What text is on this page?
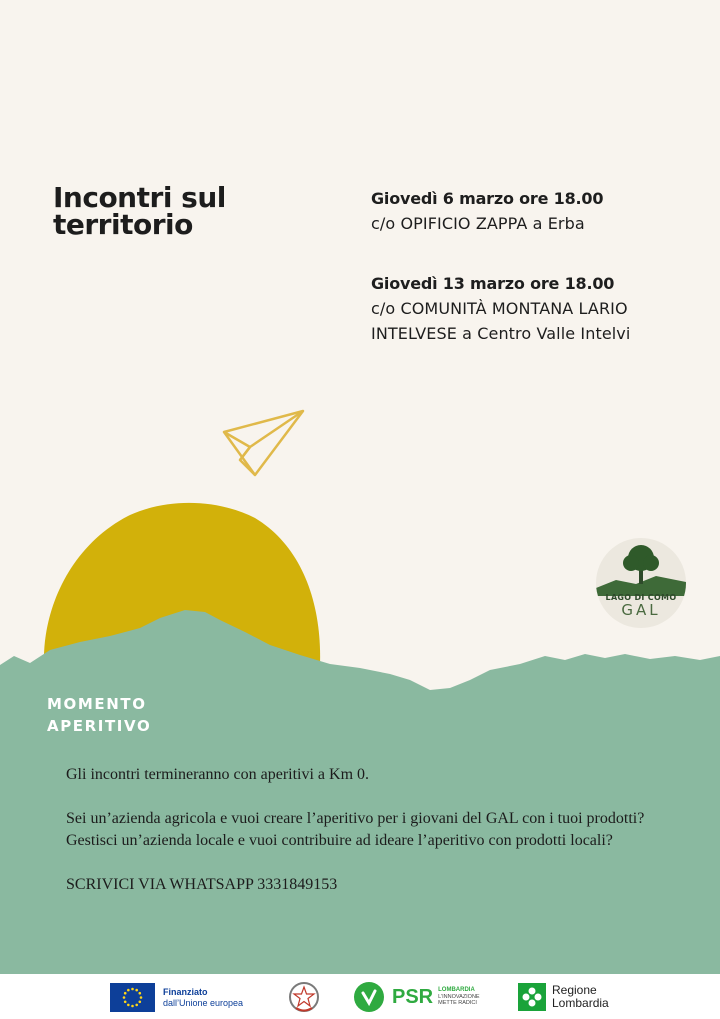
Incontri sul territorio
Giovedì 6 marzo ore 18.00
c/o OPIFICIO ZAPPA a Erba
Giovedì 13 marzo ore 18.00
c/o COMUNITÀ MONTANA LARIO
INTELVESE a Centro Valle Intelvi
LAGO DI COMO
GAL
MOMENTO
APERITIVO

Gli incontri termineranno con aperitivi a Km 0.

Sei un’azienda agricola e vuoi creare l’aperitivo per i giovani del GAL con i tuoi prodotti?

Gestisci un’azienda locale e vuoi contribuire ad ideare l’aperitivo con prodotti locali?

SCRIVICI VIA WHATSAPP 3331849153

Finanziato
dall’Unione europea	PSR LOMBARDIA
L’INNOVAZIONE
METTE RADICI
Regione
Lombardia
